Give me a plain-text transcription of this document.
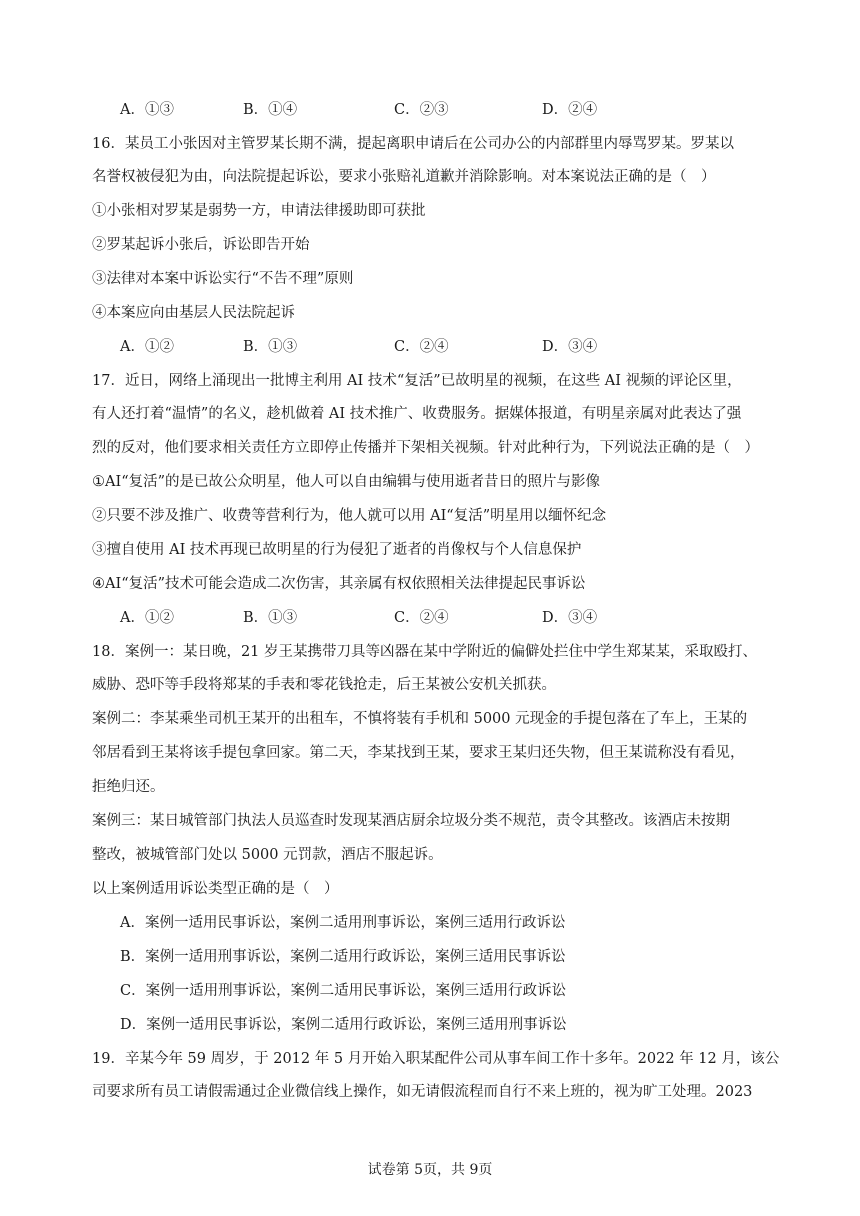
A．①③	B．①④	C．②③	D．②④
16．某员工小张因对主管罗某长期不满，提起离职申请后在公司办公的内部群里内辱骂罗某。罗某以
名誉权被侵犯为由，向法院提起诉讼，要求小张赔礼道歉并消除影响。对本案说法正确的是（　）
①小张相对罗某是弱势一方，申请法律援助即可获批
②罗某起诉小张后，诉讼即告开始
③法律对本案中诉讼实行“不告不理”原则
④本案应向由基层人民法院起诉
A．①②	B．①③	C．②④	D．③④
17．近日，网络上涌现出一批博主利用 AI 技术“复活”已故明星的视频，在这些 AI 视频的评论区里，
有人还打着“温情”的名义，趁机做着 AI 技术推广、收费服务。据媒体报道，有明星亲属对此表达了强
烈的反对，他们要求相关责任方立即停止传播并下架相关视频。针对此种行为，下列说法正确的是（　）
①AI“复活”的是已故公众明星，他人可以自由编辑与使用逝者昔日的照片与影像
②只要不涉及推广、收费等营利行为，他人就可以用 AI“复活”明星用以缅怀纪念
③擅自使用 AI 技术再现已故明星的行为侵犯了逝者的肖像权与个人信息保护
④AI“复活”技术可能会造成二次伤害，其亲属有权依照相关法律提起民事诉讼
A．①②	B．①③	C．②④	D．③④
18．案例一：某日晚，21 岁王某携带刀具等凶器在某中学附近的偏僻处拦住中学生郑某某，采取殴打、
威胁、恐吓等手段将郑某的手表和零花钱抢走，后王某被公安机关抓获。
案例二：李某乘坐司机王某开的出租车，不慎将装有手机和 5000 元现金的手提包落在了车上，王某的
邻居看到王某将该手提包拿回家。第二天，李某找到王某，要求王某归还失物，但王某谎称没有看见，
拒绝归还。
案例三：某日城管部门执法人员巡查时发现某酒店厨余垃圾分类不规范，责令其整改。该酒店未按期
整改，被城管部门处以 5000 元罚款，酒店不服起诉。
以上案例适用诉讼类型正确的是（　）
A．案例一适用民事诉讼，案例二适用刑事诉讼，案例三适用行政诉讼
B．案例一适用刑事诉讼，案例二适用行政诉讼，案例三适用民事诉讼
C．案例一适用刑事诉讼，案例二适用民事诉讼，案例三适用行政诉讼
D．案例一适用民事诉讼，案例二适用行政诉讼，案例三适用刑事诉讼
19．辛某今年 59 周岁，于 2012 年 5 月开始入职某配件公司从事车间工作十多年。2022 年 12 月，该公
司要求所有员工请假需通过企业微信线上操作，如无请假流程而自行不来上班的，视为旷工处理。2023
试卷第 5页，共 9页
